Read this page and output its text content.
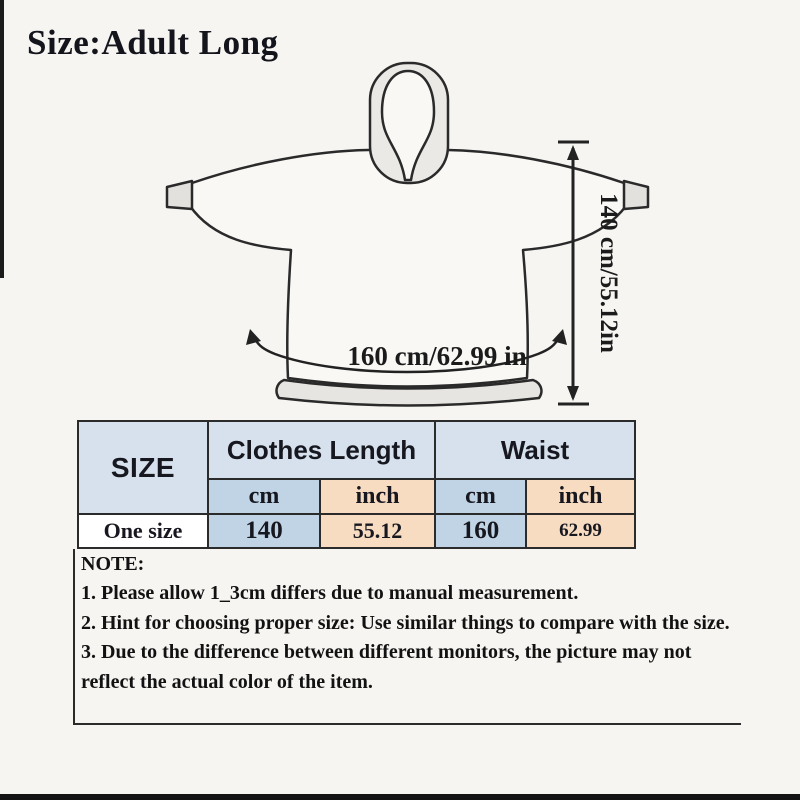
Size:Adult Long
140 cm/55.12in
160 cm/62.99 in
SIZE	Clothes Length		Waist	
	cm	inch	cm	inch
One size	140	55.12	160	62.99

NOTE:

1. Please allow 1_3cm differs due to manual measurement.

2. Hint for choosing proper size: Use similar things to compare with the size.

3. Due to the difference between different monitors, the picture may not reflect the actual color of the item.
